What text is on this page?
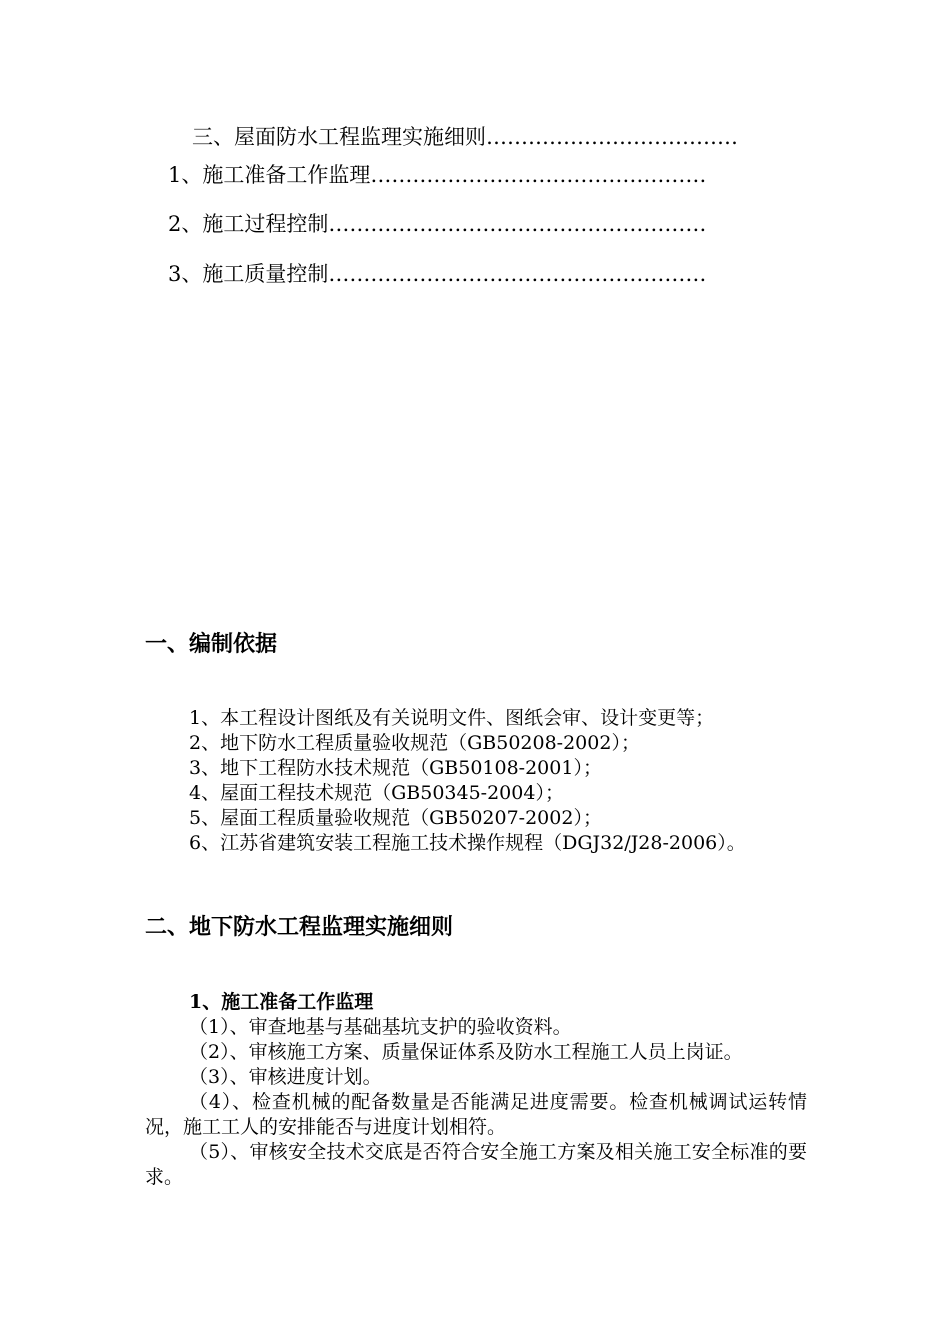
三、屋面防水工程监理实施细则………………………………
1、施工准备工作监理…………………………………………
2、施工过程控制………………………………………………
3、施工质量控制………………………………………………
一、编制依据

1、本工程设计图纸及有关说明文件、图纸会审、设计变更等；

2、地下防水工程质量验收规范（GB50208-2002）；

3、地下工程防水技术规范（GB50108-2001）；

4、屋面工程技术规范（GB50345-2004）；

5、屋面工程质量验收规范（GB50207-2002）；

6、江苏省建筑安装工程施工技术操作规程（DGJ32/J28-2006）。

二、地下防水工程监理实施细则
1、施工准备工作监理

（1）、审查地基与基础基坑支护的验收资料。

（2）、审核施工方案、质量保证体系及防水工程施工人员上岗证。

（3）、审核进度计划。

（4）、检查机械的配备数量是否能满足进度需要。检查机械调试运转情况，施工工人的安排能否与进度计划相符。

（5）、审核安全技术交底是否符合安全施工方案及相关施工安全标准的要求。
